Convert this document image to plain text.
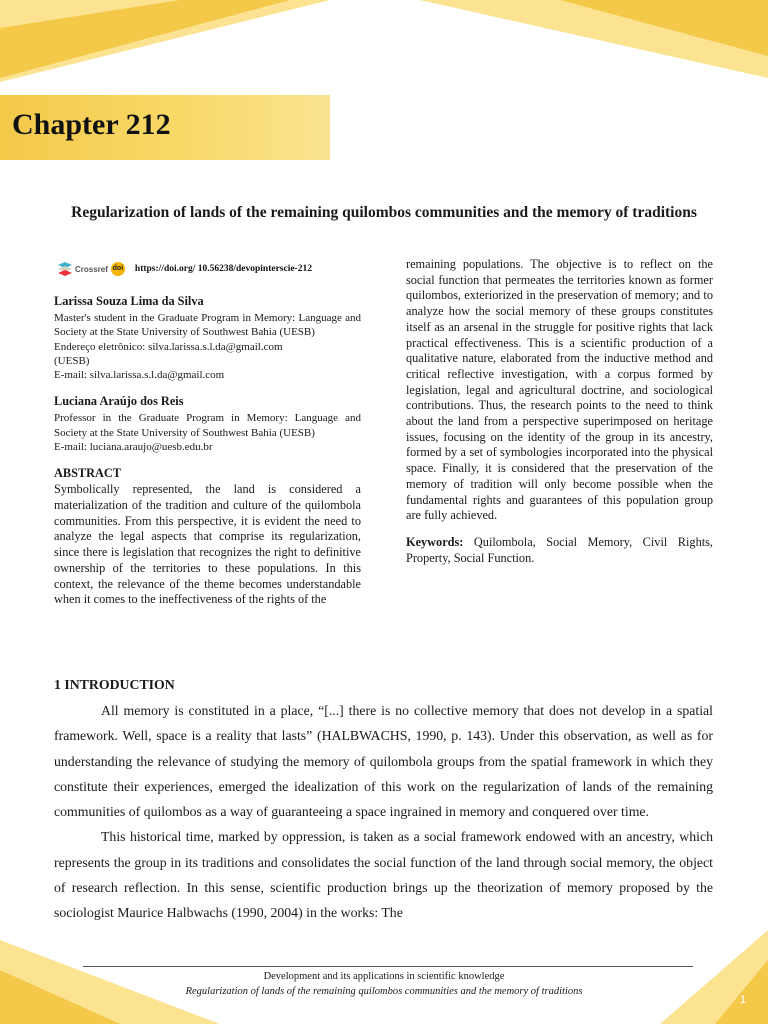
Chapter 212
Regularization of lands of the remaining quilombos communities and the memory of traditions
Crossref doi https://doi.org/ 10.56238/devopinterscie-212

Larissa Souza Lima da Silva

Master's student in the Graduate Program in Memory: Language and Society at the State University of Southwest Bahia (UESB)

Endereço eletrônico: silva.larissa.s.l.da@gmail.com

(UESB)

E-mail: silva.larissa.s.l.da@gmail.com

Luciana Araújo dos Reis

Professor in the Graduate Program in Memory: Language and Society at the State University of Southwest Bahia (UESB)

E-mail: luciana.araujo@uesb.edu.br

ABSTRACT

Symbolically represented, the land is considered a materialization of the tradition and culture of the quilombola communities. From this perspective, it is evident the need to analyze the legal aspects that comprise its regularization, since there is legislation that recognizes the right to definitive ownership of the territories to these populations. In this context, the relevance of the theme becomes understandable when it comes to the ineffectiveness of the rights of the

remaining populations. The objective is to reflect on the social function that permeates the territories known as former quilombos, exteriorized in the preservation of memory; and to analyze how the social memory of these groups constitutes itself as an arsenal in the struggle for positive rights that lack practical effectiveness. This is a scientific production of a qualitative nature, elaborated from the inductive method and critical reflective investigation, with a corpus formed by legislation, legal and agricultural doctrine, and sociological contributions. Thus, the research points to the need to think about the land from a perspective superimposed on heritage issues, focusing on the identity of the group in its ancestry, formed by a set of symbologies incorporated into the physical space. Finally, it is considered that the preservation of the memory of tradition will only become possible when the fundamental rights and guarantees of this population group are fully achieved.

Keywords: Quilombola, Social Memory, Civil Rights, Property, Social Function.

1 INTRODUCTION

All memory is constituted in a place, “[...] there is no collective memory that does not develop in a spatial framework. Well, space is a reality that lasts” (HALBWACHS, 1990, p. 143). Under this observation, as well as for understanding the relevance of studying the memory of quilombola groups from the spatial framework in which they constitute their experiences, emerged the idealization of this work on the regularization of lands of the remaining communities of quilombos as a way of guaranteeing a space ingrained in memory and conquered over time.

This historical time, marked by oppression, is taken as a social framework endowed with an ancestry, which represents the group in its traditions and consolidates the social function of the land through social memory, the object of research reflection. In this sense, scientific production brings up the theorization of memory proposed by the sociologist Maurice Halbwachs (1990, 2004) in the works: The

Development and its applications in scientific knowledge

Regularization of lands of the remaining quilombos communities and the memory of traditions

1
